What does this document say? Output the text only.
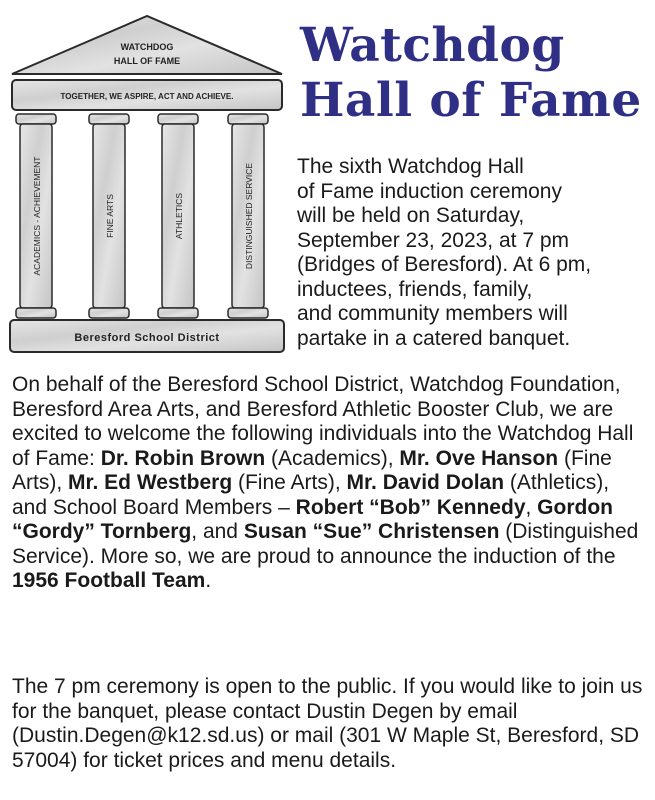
WATCHDOG
HALL OF FAME
TOGETHER, WE ASPIRE, ACT AND ACHIEVE.
ACADEMICS - ACHIEVEMENT	FINE ARTS	ATHLETICS	DISTINGUISHED SERVICE
Beresford School District
Watchdog
Hall of Fame

The sixth Watchdog Hall
of Fame induction ceremony
will be held on Saturday,
September 23, 2023, at 7 pm
(Bridges of Beresford). At 6 pm,
inductees, friends, family,
and community members will
partake in a catered banquet.

On behalf of the Beresford School District, Watchdog Foundation, Beresford Area Arts, and Beresford Athletic Booster Club, we are excited to welcome the following individuals into the Watchdog Hall of Fame: Dr. Robin Brown (Academics), Mr. Ove Hanson (Fine Arts), Mr. Ed Westberg (Fine Arts), Mr. David Dolan (Athletics), and School Board Members – Robert “Bob” Kennedy, Gordon “Gordy” Tornberg, and Susan “Sue” Christensen (Distinguished Service). More so, we are proud to announce the induction of the 1956 Football Team.

The 7 pm ceremony is open to the public. If you would like to join us for the banquet, please contact Dustin Degen by email (Dustin.Degen@k12.sd.us) or mail (301 W Maple St, Beresford, SD 57004) for ticket prices and menu details.
